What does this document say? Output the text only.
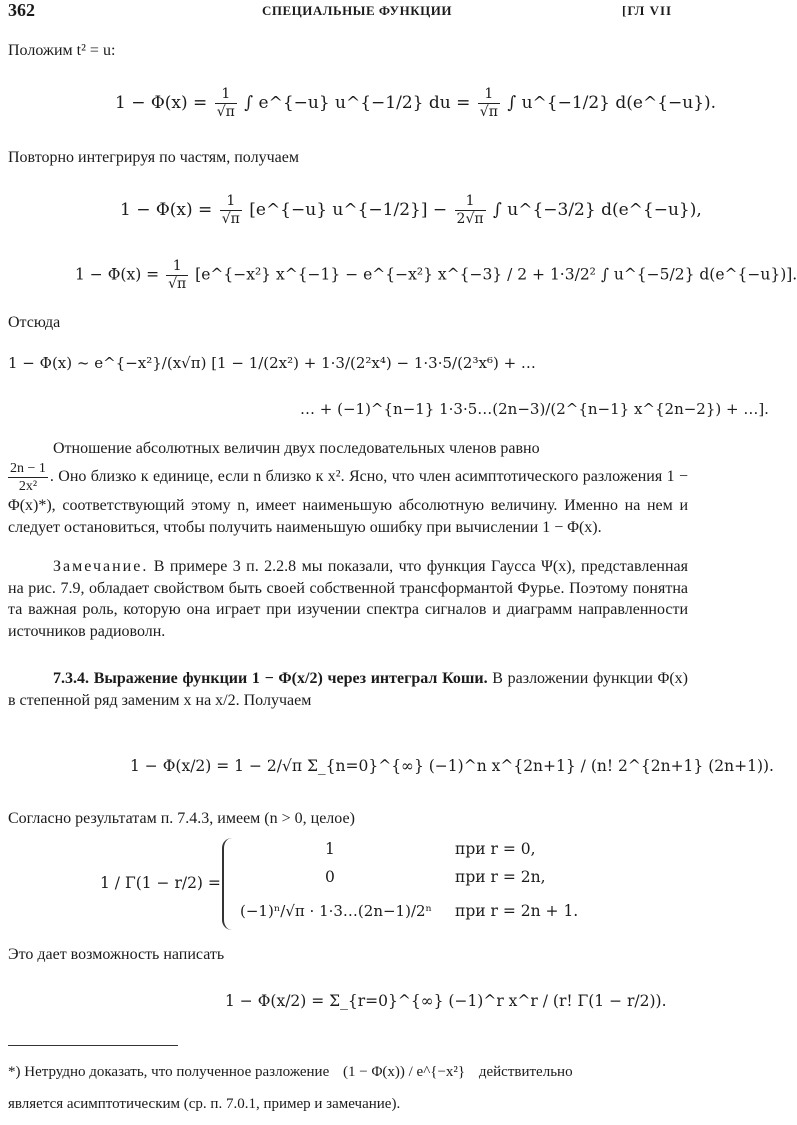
362	СПЕЦИАЛЬНЫЕ ФУНКЦИИ	[ГЛ VII
Положим t² = u:
$1 - \Phi(x) = \frac{1}{√\pi}$ ∫ e^{−u} u^{−1/2} du = $\frac{1}{√\pi}$ ∫ u^{−1/2} d(e^{−u}).
Повторно интегрируя по частям, получаем
$1 - \Phi(x) = \frac{1}{√\pi}$ [e^{−u} u^{−1/2}] − $\frac{1}{2√\pi}$ ∫ u^{−3/2} d(e^{−u}),
$1 - \Phi(x) = \frac{1}{√\pi}$ [e^{−x²} x^{−1} − e^{−x²} x^{−3} / 2 + 1·3/2² ∫ u^{−5/2} d(e^{−u})].
Отсюда
1 − Φ(x) ~ e^{−x²}/(x√π) [1 − 1/(2x²) + 1·3/(2²x⁴) − 1·3·5/(2³x⁶) + …
… + (−1)^{n−1} 1·3·5…(2n−3)/(2^{n−1} x^{2n−2}) + …].
Отношение абсолютных величин двух последовательных членов равно
$\frac{2n - 1}{\text{2x²}}$ . Оно близко к единице, если n близко к x². Ясно, что член асимптотического разложения 1 − Φ(x)*), соответствующий этому n, имеет наименьшую абсолютную величину. Именно на нем и следует остановиться, чтобы получить наименьшую ошибку при вычислении 1 − Φ(x).
Замечание. В примере 3 п. 2.2.8 мы показали, что функция Гаусса Ψ(x), представленная на рис. 7.9, обладает свойством быть своей собственной трансформантой Фурье. Поэтому понятна та важная роль, которую она играет при изучении спектра сигналов и диаграмм направленности источников радиоволн.
7.3.4. Выражение функции 1 − Φ(x/2) через интеграл Коши. В разложении функции Φ(x) в степенной ряд заменим x на x/2. Получаем
1 − Φ(x/2) = 1 − 2/√π Σ_{n=0}^{∞} (−1)^n x^{2n+1} / (n! 2^{2n+1} (2n+1)).
Согласно результатам п. 7.4.3, имеем (n > 0, целое)
1 / Γ(1 − r/2) =
1	при r = 0,
0	при r = 2n,
(−1)ⁿ/√π · 1·3…(2n−1)/2ⁿ при r = 2n + 1.
Это дает возможность написать
1 − Φ(x/2) = Σ_{r=0}^{∞} (−1)^r x^r / (r! Γ(1 − r/2)).
*) Нетрудно доказать, что полученное разложение (1 − Φ(x)) / e^{−x²} действительно
является асимптотическим (ср. п. 7.0.1, пример и замечание).
